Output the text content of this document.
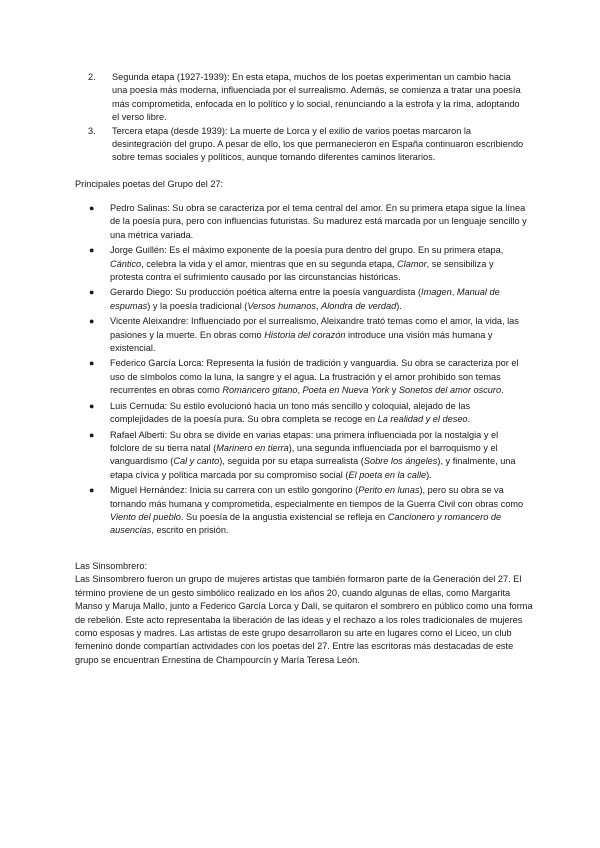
2. Segunda etapa (1927-1939): En esta etapa, muchos de los poetas experimentan un cambio hacia una poesía más moderna, influenciada por el surrealismo. Además, se comienza a tratar una poesía más comprometida, enfocada en lo político y lo social, renunciando a la estrofa y la rima, adoptando el verso libre.
3. Tercera etapa (desde 1939): La muerte de Lorca y el exilio de varios poetas marcaron la desintegración del grupo. A pesar de ello, los que permanecieron en España continuaron escribiendo sobre temas sociales y políticos, aunque tomando diferentes caminos literarios.

Principales poetas del Grupo del 27:

● Pedro Salinas: Su obra se caracteriza por el tema central del amor. En su primera etapa sigue la línea de la poesía pura, pero con influencias futuristas. Su madurez está marcada por un lenguaje sencillo y una métrica variada.
● Jorge Guillén: Es el máximo exponente de la poesía pura dentro del grupo. En su primera etapa, Cántico, celebra la vida y el amor, mientras que en su segunda etapa, Clamor, se sensibiliza y protesta contra el sufrimiento causado por las circunstancias históricas.
● Gerardo Diego: Su producción poética alterna entre la poesía vanguardista (Imagen, Manual de espumas) y la poesía tradicional (Versos humanos, Alondra de verdad).
● Vicente Aleixandre: Influenciado por el surrealismo, Aleixandre trató temas como el amor, la vida, las pasiones y la muerte. En obras como Historia del corazón introduce una visión más humana y existencial.
● Federico García Lorca: Representa la fusión de tradición y vanguardia. Su obra se caracteriza por el uso de símbolos como la luna, la sangre y el agua. La frustración y el amor prohibido son temas recurrentes en obras como Romancero gitano, Poeta en Nueva York y Sonetos del amor oscuro.
● Luis Cernuda: Su estilo evolucionó hacia un tono más sencillo y coloquial, alejado de las complejidades de la poesía pura. Su obra completa se recoge en La realidad y el deseo.
● Rafael Alberti: Su obra se divide en varias etapas: una primera influenciada por la nostalgia y el folclore de su tierra natal (Marinero en tierra), una segunda influenciada por el barroquismo y el vanguardismo (Cal y canto), seguida por su etapa surrealista (Sobre los ángeles), y finalmente, una etapa cívica y política marcada por su compromiso social (El poeta en la calle).
● Miguel Hernández: Inicia su carrera con un estilo gongorino (Perito en lunas), pero su obra se va tornando más humana y comprometida, especialmente en tiempos de la Guerra Civil con obras como Viento del pueblo. Su poesía de la angustia existencial se refleja en Cancionero y romancero de ausencias, escrito en prisión.

Las Sinsombrero:

Las Sinsombrero fueron un grupo de mujeres artistas que también formaron parte de la Generación del 27. El término proviene de un gesto simbólico realizado en los años 20, cuando algunas de ellas, como Margarita Manso y Maruja Mallo, junto a Federico García Lorca y Dalí, se quitaron el sombrero en público como una forma de rebelión. Este acto representaba la liberación de las ideas y el rechazo a los roles tradicionales de mujeres como esposas y madres. Las artistas de este grupo desarrollaron su arte en lugares como el Liceo, un club femenino donde compartían actividades con los poetas del 27. Entre las escritoras más destacadas de este grupo se encuentran Ernestina de Champourcín y María Teresa León.
